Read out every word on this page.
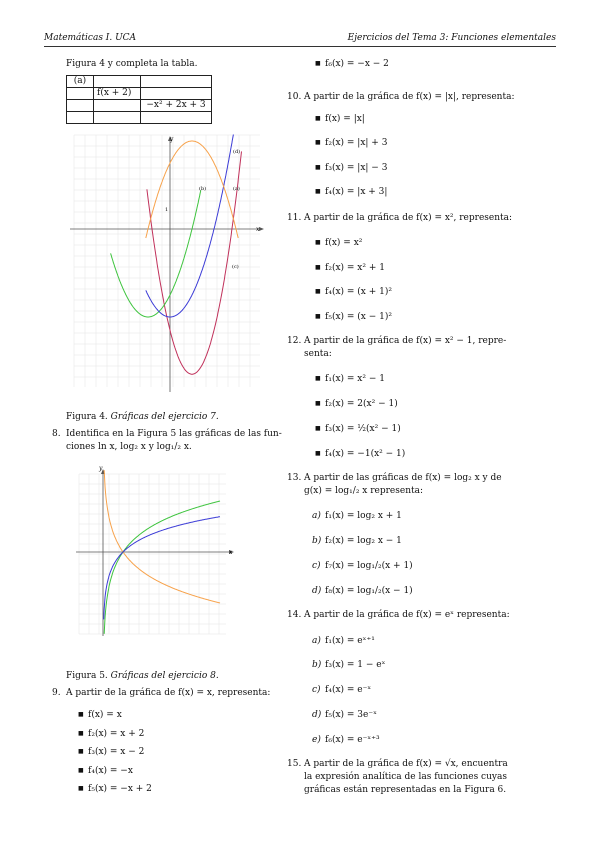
Matemáticas I. UCA	Ejercicios del Tema 3: Funciones elementales
Figura 4 y completa la tabla.
(a)		
	f(x + 2)	
		−x² + 2x + 3

y
x
1
(d)
(b)	(a)
(c)
Figura 4. Gráficas del ejercicio 7.
8. Identifica en la Figura 5 las gráficas de las fun-
ciones ln x, log₂ x y log₁/₂ x.
y
x
Figura 5. Gráficas del ejercicio 8.
9. A partir de la gráfica de f(x) = x, representa:
■ f(x) = x
■ f₂(x) = x + 2
■ f₃(x) = x − 2
■ f₄(x) = −x
■ f₅(x) = −x + 2
■ f₆(x) = −x − 2
10. A partir de la gráfica de f(x) = |x|, representa:
■ f(x) = |x|
■ f₂(x) = |x| + 3
■ f₃(x) = |x| − 3
■ f₄(x) = |x + 3|
11. A partir de la gráfica de f(x) = x², representa:
■ f(x) = x²
■ f₂(x) = x² + 1
■ f₄(x) = (x + 1)²
■ f₅(x) = (x − 1)²
12. A partir de la gráfica de f(x) = x² − 1, repre-
senta:
■ f₁(x) = x² − 1
■ f₂(x) = 2(x² − 1)
■ f₃(x) = ½(x² − 1)
■ f₄(x) = −1(x² − 1)
13. A partir de las gráficas de f(x) = log₂ x y de
g(x) = log₁/₂ x representa:
a) f₁(x) = log₂ x + 1
b) f₂(x) = log₂ x − 1
c) f₇(x) = log₁/₂(x + 1)
d) f₈(x) = log₁/₂(x − 1)
14. A partir de la gráfica de f(x) = eˣ representa:
a) f₁(x) = eˣ⁺¹
b) f₃(x) = 1 − eˣ
c) f₄(x) = e⁻ˣ
d) f₅(x) = 3e⁻ˣ
e) f₆(x) = e⁻ˣ⁺³
15. A partir de la gráfica de f(x) = √x, encuentra
la expresión analítica de las funciones cuyas
gráficas están representadas en la Figura 6.
